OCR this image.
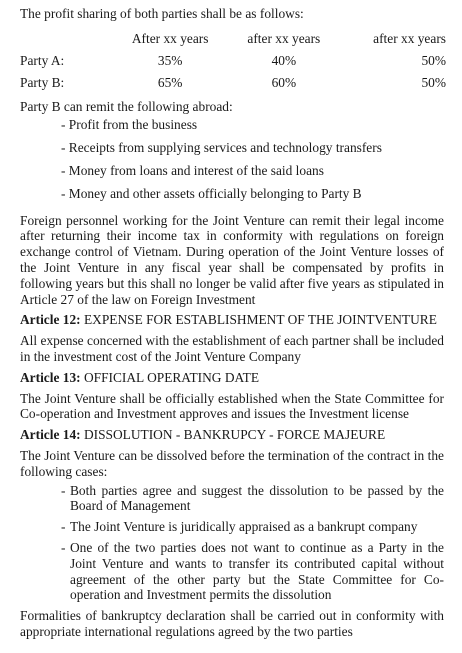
The profit sharing of both parties shall be as follows:

	After xx years	after xx years	after xx years
Party A:	35%	40%	50%
Party B:	65%	60%	50%

Party B can remit the following abroad:

- Profit from the business
- Receipts from supplying services and technology transfers
- Money from loans and interest of the said loans
- Money and other assets officially belonging to Party B

Foreign personnel working for the Joint Venture can remit their legal income after returning their income tax in conformity with regulations on foreign exchange control of Vietnam. During operation of the Joint Venture losses of the Joint Venture in any fiscal year shall be compensated by profits in following years but this shall no longer be valid after five years as stipulated in Article 27 of the law on Foreign Investment

Article 12: EXPENSE FOR ESTABLISHMENT OF THE JOINTVENTURE

All expense concerned with the establishment of each partner shall be included in the investment cost of the Joint Venture Company

Article 13: OFFICIAL OPERATING DATE

The Joint Venture shall be officially established when the State Committee for Co-operation and Investment approves and issues the Investment license

Article 14: DISSOLUTION - BANKRUPCY - FORCE MAJEURE

The Joint Venture can be dissolved before the termination of the contract in the following cases:

- Both parties agree and suggest the dissolution to be passed by the Board of Management
- The Joint Venture is juridically appraised as a bankrupt company
- One of the two parties does not want to continue as a Party in the Joint Venture and wants to transfer its contributed capital without agreement of the other party but the State Committee for Co-operation and Investment permits the dissolution

Formalities of bankruptcy declaration shall be carried out in conformity with appropriate international regulations agreed by the two parties
